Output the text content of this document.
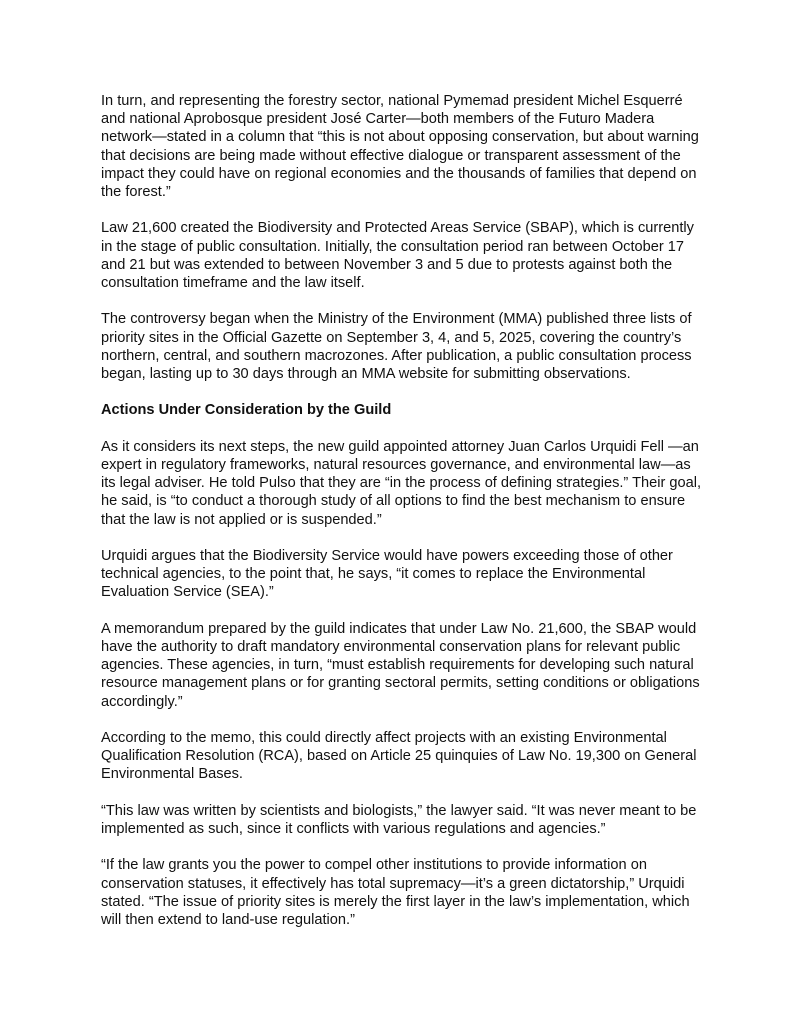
In turn, and representing the forestry sector, national Pymemad president Michel Esquerré and national Aprobosque president José Carter—both members of the Futuro Madera network—stated in a column that “this is not about opposing conservation, but about warning that decisions are being made without effective dialogue or transparent assessment of the impact they could have on regional economies and the thousands of families that depend on the forest.”

Law 21,600 created the Biodiversity and Protected Areas Service (SBAP), which is currently in the stage of public consultation. Initially, the consultation period ran between October 17 and 21 but was extended to between November 3 and 5 due to protests against both the consultation timeframe and the law itself.

The controversy began when the Ministry of the Environment (MMA) published three lists of priority sites in the Official Gazette on September 3, 4, and 5, 2025, covering the country’s northern, central, and southern macrozones. After publication, a public consultation process began, lasting up to 30 days through an MMA website for submitting observations.

Actions Under Consideration by the Guild

As it considers its next steps, the new guild appointed attorney Juan Carlos Urquidi Fell —an expert in regulatory frameworks, natural resources governance, and environmental law—as its legal adviser. He told Pulso that they are “in the process of defining strategies.” Their goal, he said, is “to conduct a thorough study of all options to find the best mechanism to ensure that the law is not applied or is suspended.”

Urquidi argues that the Biodiversity Service would have powers exceeding those of other technical agencies, to the point that, he says, “it comes to replace the Environmental Evaluation Service (SEA).”

A memorandum prepared by the guild indicates that under Law No. 21,600, the SBAP would have the authority to draft mandatory environmental conservation plans for relevant public agencies. These agencies, in turn, “must establish requirements for developing such natural resource management plans or for granting sectoral permits, setting conditions or obligations accordingly.”

According to the memo, this could directly affect projects with an existing Environmental Qualification Resolution (RCA), based on Article 25 quinquies of Law No. 19,300 on General Environmental Bases.

“This law was written by scientists and biologists,” the lawyer said. “It was never meant to be implemented as such, since it conflicts with various regulations and agencies.”

“If the law grants you the power to compel other institutions to provide information on conservation statuses, it effectively has total supremacy—it’s a green dictatorship,” Urquidi stated. “The issue of priority sites is merely the first layer in the law’s implementation, which will then extend to land-use regulation.”
